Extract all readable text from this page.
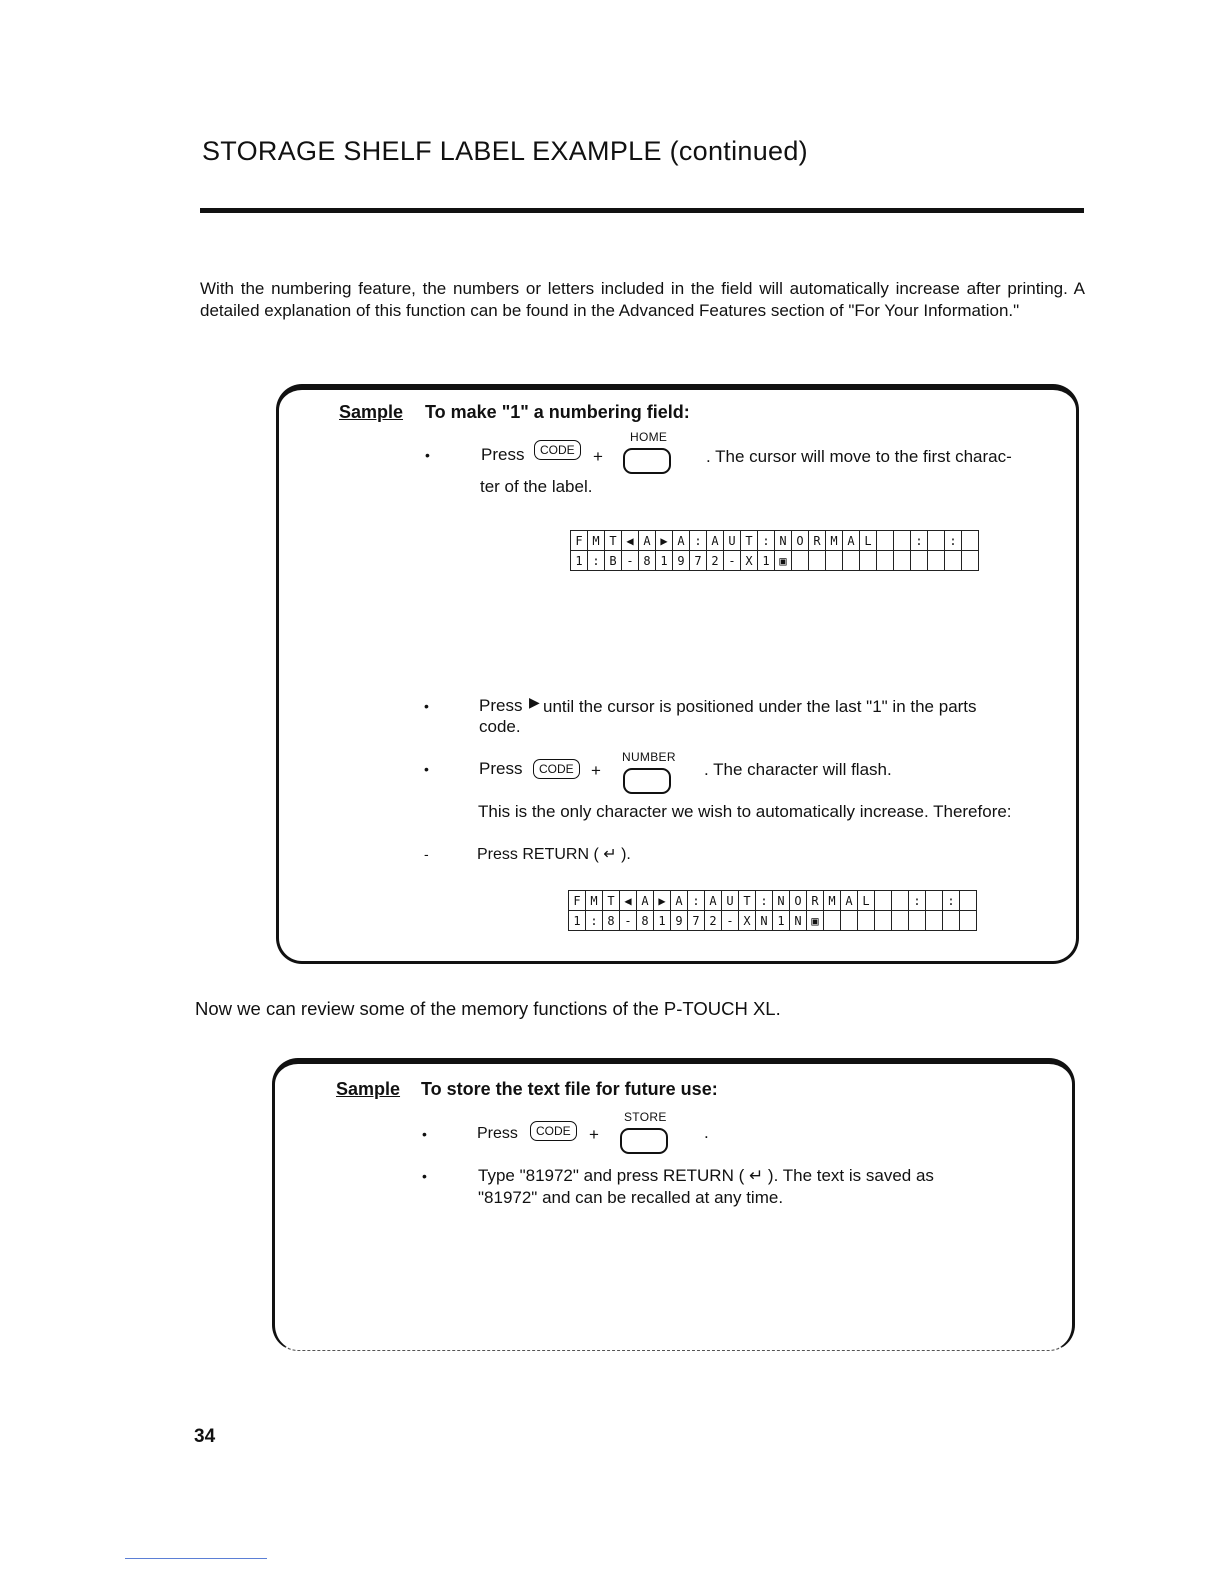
STORAGE SHELF LABEL EXAMPLE (continued)
With the numbering feature, the numbers or letters included in the field will automatically increase after printing. A detailed explanation of this function can be found in the Advanced Features section of "For Your Information."
Sample To make "1" a numbering field:
•	Press	CODE	+
HOME
. The cursor will move to the first charac-
ter of the label.
F	M	T	◀	A	▶	A	:	A	U	T	:	N	O	R	M	A	L			:		:	
1	:	B	-	8	1	9	7	2	-	X	1	▣											
•	Press ▶ until the cursor is positioned under the last "1" in the parts
code.
•	Press	CODE	+
NUMBER
. The character will flash.
This is the only character we wish to automatically increase. Therefore:
-	Press RETURN ( ↵ ).
F	M	T	◀	A	▶	A	:	A	U	T	:	N	O	R	M	A	L			:		:	
1	:	8	-	8	1	9	7	2	-	X	N	1	N	▣									
Now we can review some of the memory functions of the P-TOUCH XL.
Sample To store the text file for future use:
•	Press	CODE	+
STORE
.
•	Type "81972" and press RETURN ( ↵ ). The text is saved as
"81972" and can be recalled at any time.
34
